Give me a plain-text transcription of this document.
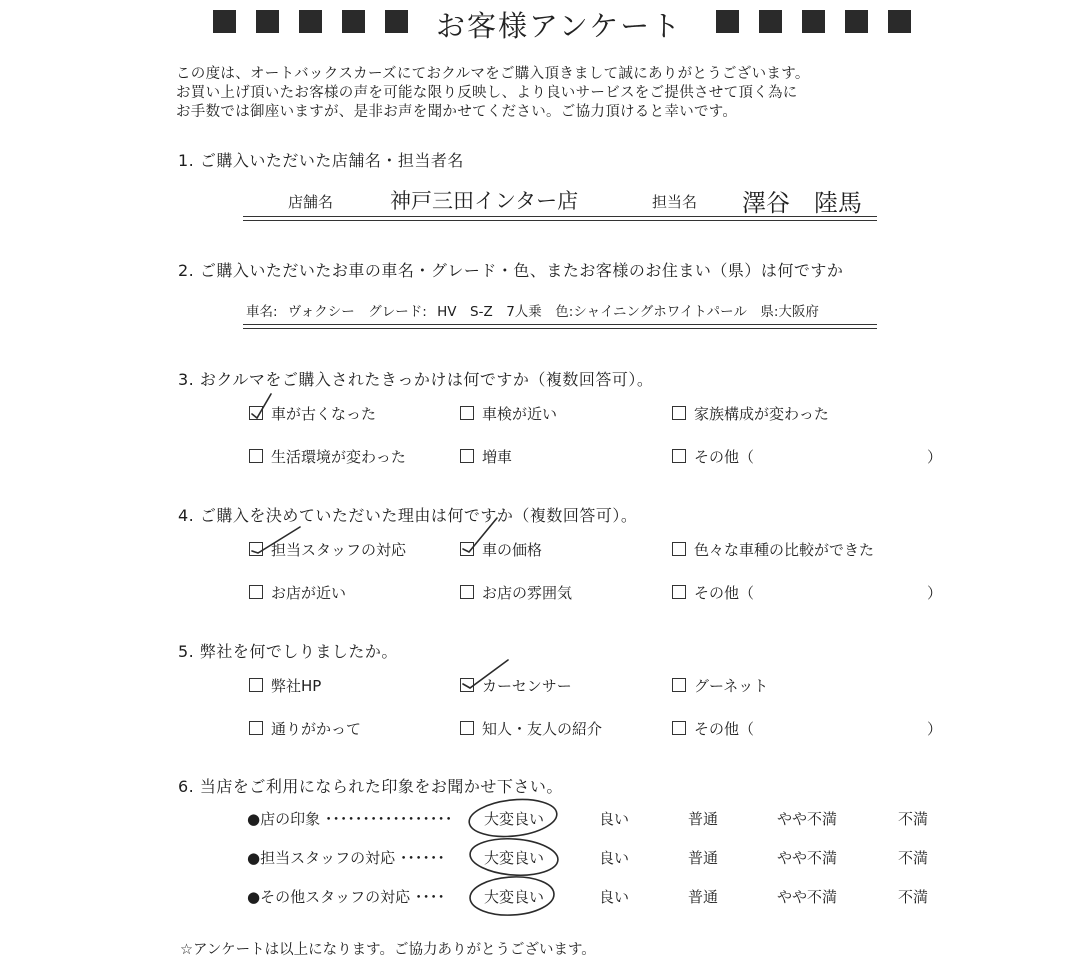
お客様アンケート
この度は、オートバックスカーズにておクルマをご購入頂きまして誠にありがとうございます。
お買い上げ頂いたお客様の声を可能な限り反映し、より良いサービスをご提供させて頂く為に
お手数では御座いますが、是非お声を聞かせてください。ご協力頂けると幸いです。
1. ご購入いただいた店舗名・担当者名
店舗名	神戸三田インター店	担当名 澤谷　陸馬
2. ご購入いただいたお車の車名・グレード・色、またお客様のお住まい（県）は何ですか
車名: ヴォクシー　グレード: HV　S-Z　7人乗　色:シャイニングホワイトパール　県:大阪府
3. おクルマをご購入されたきっかけは何ですか（複数回答可）。
車が古くなった	車検が近い	家族構成が変わった
生活環境が変わった	増車	その他（	）
4. ご購入を決めていただいた理由は何ですか（複数回答可）。
担当スタッフの対応	車の価格	色々な車種の比較ができた
お店が近い	お店の雰囲気	その他（	）
5. 弊社を何でしりましたか。
弊社HP	カーセンサー	グーネット
通りがかって	知人・友人の紹介	その他（	）
6. 当店をご利用になられた印象をお聞かせ下さい。
●店の印象 ･････････････････ 大変良い	良い	普通	やや不満	不満
●担当スタッフの対応 ･･････	大変良い	良い	普通	やや不満	不満
●その他スタッフの対応 ････	大変良い	良い	普通	やや不満	不満
☆アンケートは以上になります。ご協力ありがとうございます。
